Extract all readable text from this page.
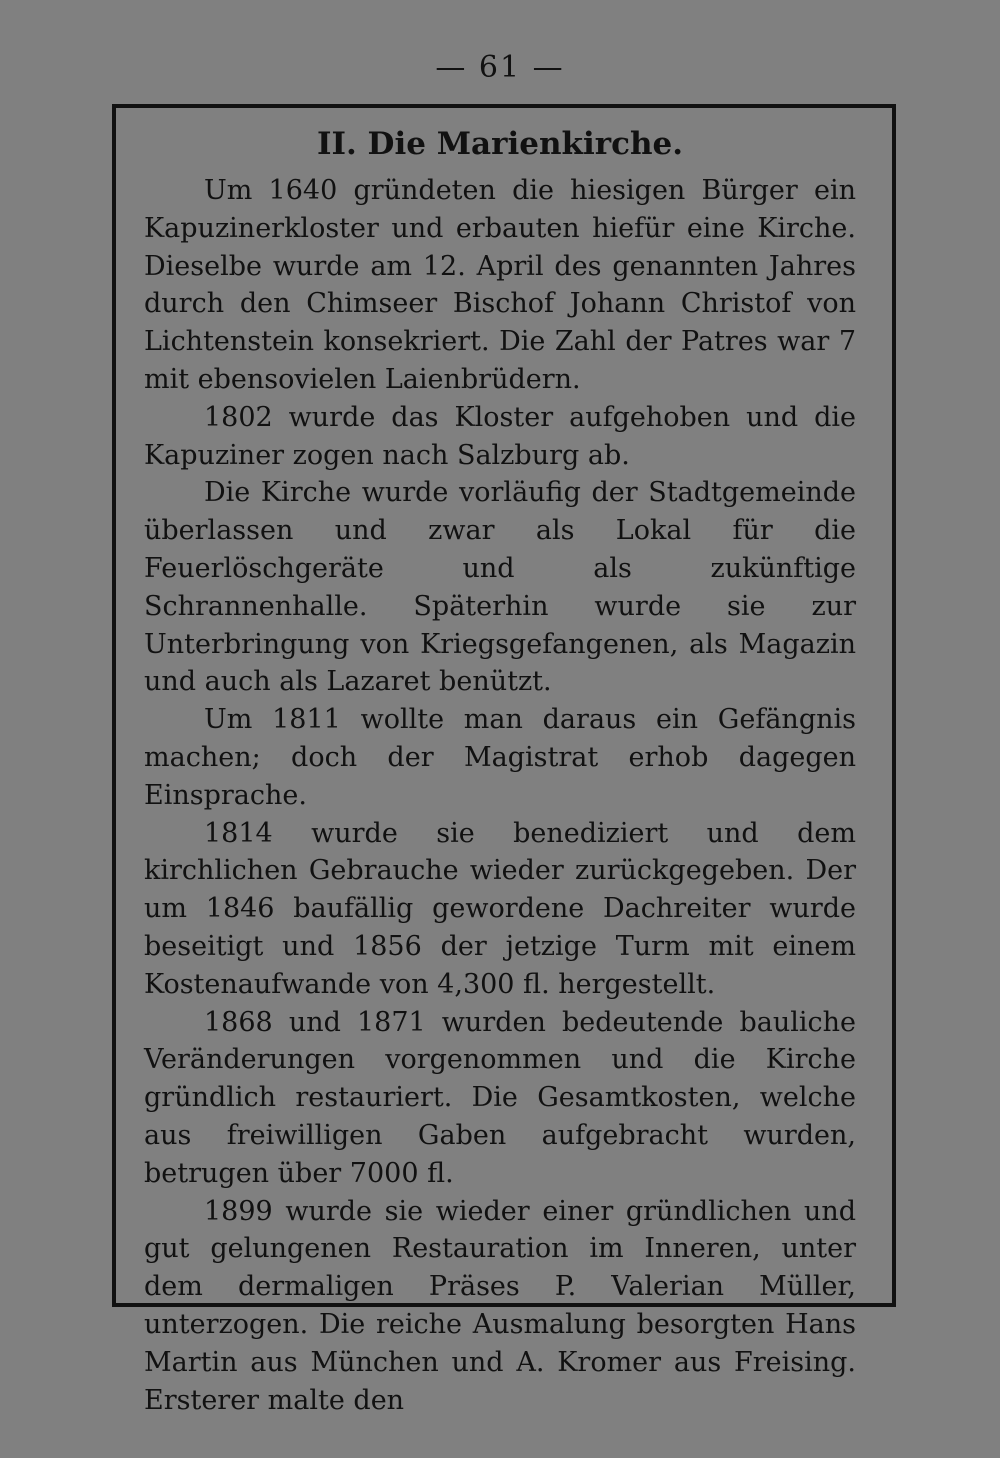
— 61 —
II. Die Marienkirche.

Um 1640 gründeten die hiesigen Bürger ein Kapuzinerkloster und erbauten hiefür eine Kirche. Dieselbe wurde am 12. April des genannten Jahres durch den Chimseer Bischof Johann Christof von Lichtenstein konsekriert. Die Zahl der Patres war 7 mit ebensovielen Laienbrüdern.

1802 wurde das Kloster aufgehoben und die Kapuziner zogen nach Salzburg ab.

Die Kirche wurde vorläufig der Stadtgemeinde überlassen und zwar als Lokal für die Feuerlöschgeräte und als zukünftige Schrannenhalle. Späterhin wurde sie zur Unterbringung von Kriegsgefangenen, als Magazin und auch als Lazaret benützt.

Um 1811 wollte man daraus ein Gefängnis machen; doch der Magistrat erhob dagegen Einsprache.

1814 wurde sie benediziert und dem kirchlichen Gebrauche wieder zurückgegeben. Der um 1846 baufällig gewordene Dachreiter wurde beseitigt und 1856 der jetzige Turm mit einem Kostenaufwande von 4,300 fl. hergestellt.

1868 und 1871 wurden bedeutende bauliche Veränderungen vorgenommen und die Kirche gründlich restauriert. Die Gesamtkosten, welche aus freiwilligen Gaben aufgebracht wurden, betrugen über 7000 fl.

1899 wurde sie wieder einer gründlichen und gut gelungenen Restauration im Inneren, unter dem dermaligen Präses P. Valerian Müller, unterzogen. Die reiche Ausmalung besorgten Hans Martin aus München und A. Kromer aus Freising. Ersterer malte den
